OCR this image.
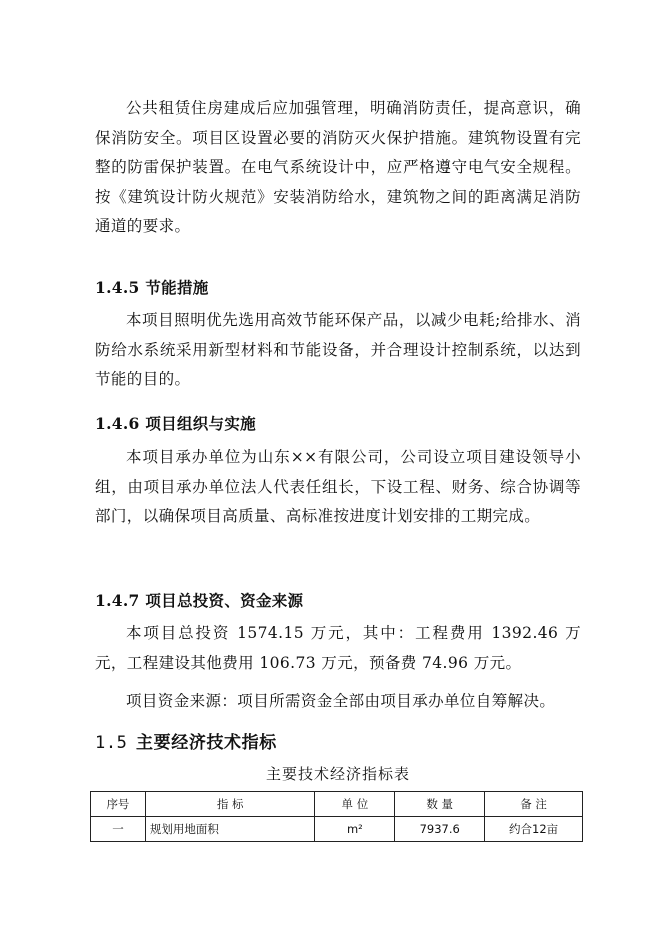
公共租赁住房建成后应加强管理，明确消防责任，提高意识，确保消防安全。项目区设置必要的消防灭火保护措施。建筑物设置有完整的防雷保护装置。在电气系统设计中，应严格遵守电气安全规程。按《建筑设计防火规范》安装消防给水，建筑物之间的距离满足消防通道的要求。

1.4.5 节能措施

本项目照明优先选用高效节能环保产品，以减少电耗;给排水、消防给水系统采用新型材料和节能设备，并合理设计控制系统，以达到节能的目的。

1.4.6 项目组织与实施

本项目承办单位为山东××有限公司，公司设立项目建设领导小组，由项目承办单位法人代表任组长，下设工程、财务、综合协调等部门，以确保项目高质量、高标准按进度计划安排的工期完成。

1.4.7 项目总投资、资金来源

本项目总投资 1574.15 万元，其中：工程费用 1392.46 万元，工程建设其他费用 106.73 万元，预备费 74.96 万元。

项目资金来源：项目所需资金全部由项目承办单位自筹解决。

1.5 主要经济技术指标

主要技术经济指标表

序号	指 标	单 位	数 量	备 注
一	规划用地面积	m²	7937.6	约合12亩
